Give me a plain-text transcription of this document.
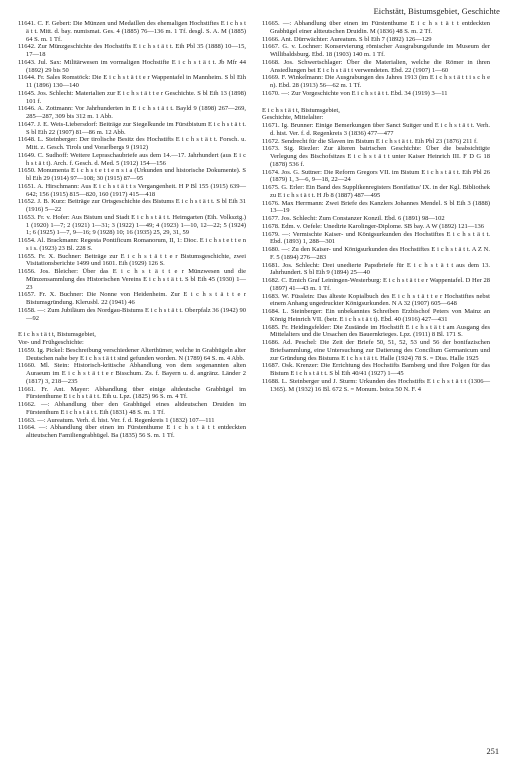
Eichstätt, Bistumsgebiet, Geschichte

11641. C. F. Gebert: Die Münzen und Medaillen des ehemaligen Hochstiftes E i c h s t ä t t. Mitt. d. bay. numismat. Ges. 4 (1885) 76—136 m. 1 Tf. desgl. S. A. M (1885) 64 S. m. 1 Tf.

11642. Zur Münzgeschichte des Hochstifts E i c h s t ä t t. Eih Pbl 35 (1888) 10—15, 17—18

11643. Jul. Sax: Militärwesen im vormaligen Hochstifte E i c h s t ä t t. Jb Mfr 44 (1892) 29 bis 50

11644. Fr. Sales Romstöck: Die E i c h s t ä t t e r Wappentafel in Mannheim. S bl Eih 11 (1896) 130—140

11645. Jos. Schlecht: Materialien zur E i c h s t ä t t e r Geschichte. S bl Eih 13 (1898) 101 f.

11646. A. Zottmann: Vor Jahrhunderten in E i c h s t ä t t. Bayld 9 (1898) 267—269, 285—287, 309 bis 312 m. 1 Abb.

11647. J. E. Weis-Liebersdorf: Beiträge zur Siegelkunde im Fürstbistum E i c h s t ä t t. S bl Eih 22 (1907) 81—86 m. 12 Abb.

11648. L. Steinberger: Der tirolische Besitz des Hochstifts E i c h s t ä t t. Forsch. u. Mitt. z. Gesch. Tirols und Vorarlbergs 9 (1912)

11649. C. Sudhoff: Weitere Lepraschaubriefe aus dem 14.—17. Jahrhundert (aus E i c h s t ä t t). Arch. f. Gesch. d. Med. 5 (1912) 154—156

11650. Monumenta E i c h s t e t t e n s i a (Urkunden und historische Dokumente). S bl Eih 29 (1914) 97—108; 30 (1915) 87—95

11651. A. Hirschmann: Aus E i c h s t ä t t s Vergangenheit. H P Bl 155 (1915) 639—642; 156 (1915) 815—820, 160 (1917) 415—418

11652. J. B. Kurz: Beiträge zur Ortsgeschichte des Bistums E i c h s t ä t t. S bl Eih 31 (1916) 5—22

11653. Fr. v. Hofer: Aus Bistum und Stadt E i c h s t ä t t. Heimgarten (Eih. Volksztg.) 1 (1920) 1—7; 2 (1921) 1—31; 3 (1922) 1—49; 4 (1923) 1—10, 12—22; 5 (1924) 1; 6 (1925) 1—7, 9—16; 9 (1928) 10; 16 (1935) 25, 29, 31, 59

11654. Al. Brackmann: Regesta Pontificum Romanorum, II, 1: Dioc. E i c h s t e t t e n s i s. (1923) 23 Bl. 228 S.

11655. Fr. X. Buchner: Beiträge zur E i c h s t ä t t e r Bistumsgeschichte, zwei Visitationsberichte 1499 und 1601. Eih (1929) 126 S.

11656. Jos. Bleicher: Über das E i c h s t ä t t e r Münzwesen und die Münzensammlung des Historischen Vereins E i c h s t ä t t. S bl Eih 45 (1930) 1—23

11657. Fr. X. Buchner: Die Nonne von Heidenheim. Zur E i c h s t ä t t e r Bistumsgründung. Klerusbl. 22 (1941) 46

11658. —: Zum Jubiläum des Nordgau-Bistums E i c h s t ä t t. Oberpfalz 36 (1942) 90—92

E i c h s t ä t t, Bistumsgebiet,

Vor- und Frühgeschichte:

11659. Ig. Pickel: Beschreibung verschiedener Alterthümer, welche in Grabhügeln alter Deutschen nahe bey E i c h s t ä t t sind gefunden worden. N (1789) 64 S. m. 4 Abb.

11660. Ml. Stein: Historisch-kritische Abhandlung von dem sogenannten alten Auraeum im E i c h s t ä t t e r Bisschum. Zs. f. Bayern u. d. angränz. Länder 2 (1817) 3, 218—235

11661. Fr. Ant. Mayer: Abhandlung über einige altdeutsche Grabhügel im Fürstenthume E i c h s t ä t t. Eih u. Lpz. (1825) 96 S. m. 4 Tf.

11662. —: Abhandlung über den Grabhügel eines altdeutschen Druiden im Fürstenthum E i c h s t ä t t. Eih (1831) 48 S. m. 1 Tf.

11663. —: Aureatum. Verh. d. hist. Ver. f. d. Regenkreis 1 (1832) 107—111

11664. —: Abhandlung über einen im Fürstenthume E i c h s t ä t t entdeckten altteutschen Familiengrabhügel. Ba (1835) 56 S. m. 1 Tf.

11665. —: Abhandlung über einen im Fürstenthume E i c h s t ä t t entdeckten Grabhügel einer altteutschen Druidin. M (1836) 48 S. m. 2 Tf.

11666. Ant. Dürrwächter: Aureatum. S bl Eih 7 (1892) 126—129

11667. G. v. Lochner: Konservierung römischer Ausgrabungsfunde im Museum der Willibaldsburg. Ebd. 18 (1903) 140 m. 1 Tf.

11668. Jos. Schwertschlager: Über die Materialien, welche die Römer in ihren Ansiedlungen bei E i c h s t ä t t verwendeten. Ebd. 22 (1907) 1—60

11669. F. Winkelmann: Die Ausgrabungen des Jahres 1913 (im E i c h s t ä t t i s c h e n). Ebd. 28 (1913) 56—62 m. 1 Tf.

11670. —: Zur Vorgeschichte von E i c h s t ä t t. Ebd. 34 (1919) 3—11

E i c h s t ä t t, Bistumsgebiet,

Geschichte, Mittelalter:

11671. Ig. Brunner: Einige Bemerkungen über Sanct Suitger und E i c h s t ä t t. Verh. d. hist. Ver. f. d. Regenkreis 3 (1836) 477—477

11672. Sendrecht für die Slaven im Bistum E i c h s t ä t t. Eih Pbl 23 (1876) 211 f.

11673. Sig. Riezler: Zur älteren bairischen Geschichte: Über die beabsichtigte Verlegung des Bischofsitzes E i c h s t ä t t unter Kaiser Heinrich III. F D G 18 (1878) 536 f.

11674. Jos. G. Suttner: Die Reform Gregors VII. im Bistum E i c h s t ä t t. Eih Pbl 26 (1879) 1, 3—6, 9—18, 22—24

11675. G. Erler: Ein Band des Supplikenregisters Bonifatius' IX. in der Kgl. Bibliothek zu E i c h s t ä t t. H Jb 8 (1887) 487—495

11676. Max Herrmann: Zwei Briefe des Kanzlers Johannes Mendel. S bl Eih 3 (1888) 13—19

11677. Jos. Schlecht: Zum Constanzer Konzil. Ebd. 6 (1891) 98—102

11678. Edm. v. Oefele: Unedirte Karolinger-Diplome. SB bay. A W (1892) 121—136

11679. —: Vermischte Kaiser- und Königsurkunden des Hochstiftes E i c h s t ä t t. Ebd. (1893) 1, 288—301

11680. —: Zu den Kaiser- und Königsurkunden des Hochstiftes E i c h s t ä t t. A Z N. F. 5 (1894) 276—283

11681. Jos. Schlecht: Drei unedierte Papstbriefe für E i c h s t ä t t aus dem 13. Jahrhundert. S bl Eih 9 (1894) 25—40

11682. C. Emich Graf Leiningen-Westerburg: E i c h s t ä t t e r Wappentafel. D Her 28 (1897) 41—43 m. 1 Tf.

11683. W. Füsslein: Das älteste Kopialbuch des E i c h s t ä t t e r Hochstiftes nebst einem Anhang ungedruckter Königsurkunden. N A 32 (1907) 605—648

11684. L. Steinberger: Ein unbekanntes Schreiben Erzbischof Peters von Mainz an König Heinrich VII. (betr. E i c h s t ä t t). Ebd. 40 (1916) 427—431

11685. Fr. Heidingsfelder: Die Zustände im Hochstift E i c h s t ä t t am Ausgang des Mittelalters und die Ursachen des Bauernkrieges. Lpz. (1911) 8 Bl. 171 S.

11686. Ad. Peschel: Die Zeit der Briefe 50, 51, 52, 53 und 56 der bonifazischen Briefsammlung, eine Untersuchung zur Datierung des Concilium Germanicum und zur Gründung des Bistums E i c h s t ä t t. Halle (1924) 78 S. = Diss. Halle 1925

11687. Osk. Krenzer: Die Errichtung des Hochstifts Bamberg und ihre Folgen für das Bistum E i c h s t ä t t. S bl Eih 40/41 (1927) 1—45

11688. L. Steinberger und J. Sturm: Urkunden des Hochstifts E i c h s t ä t t (1306—1365). M (1932) 16 Bl. 672 S. = Monum. boica 50 N. F. 4

251
